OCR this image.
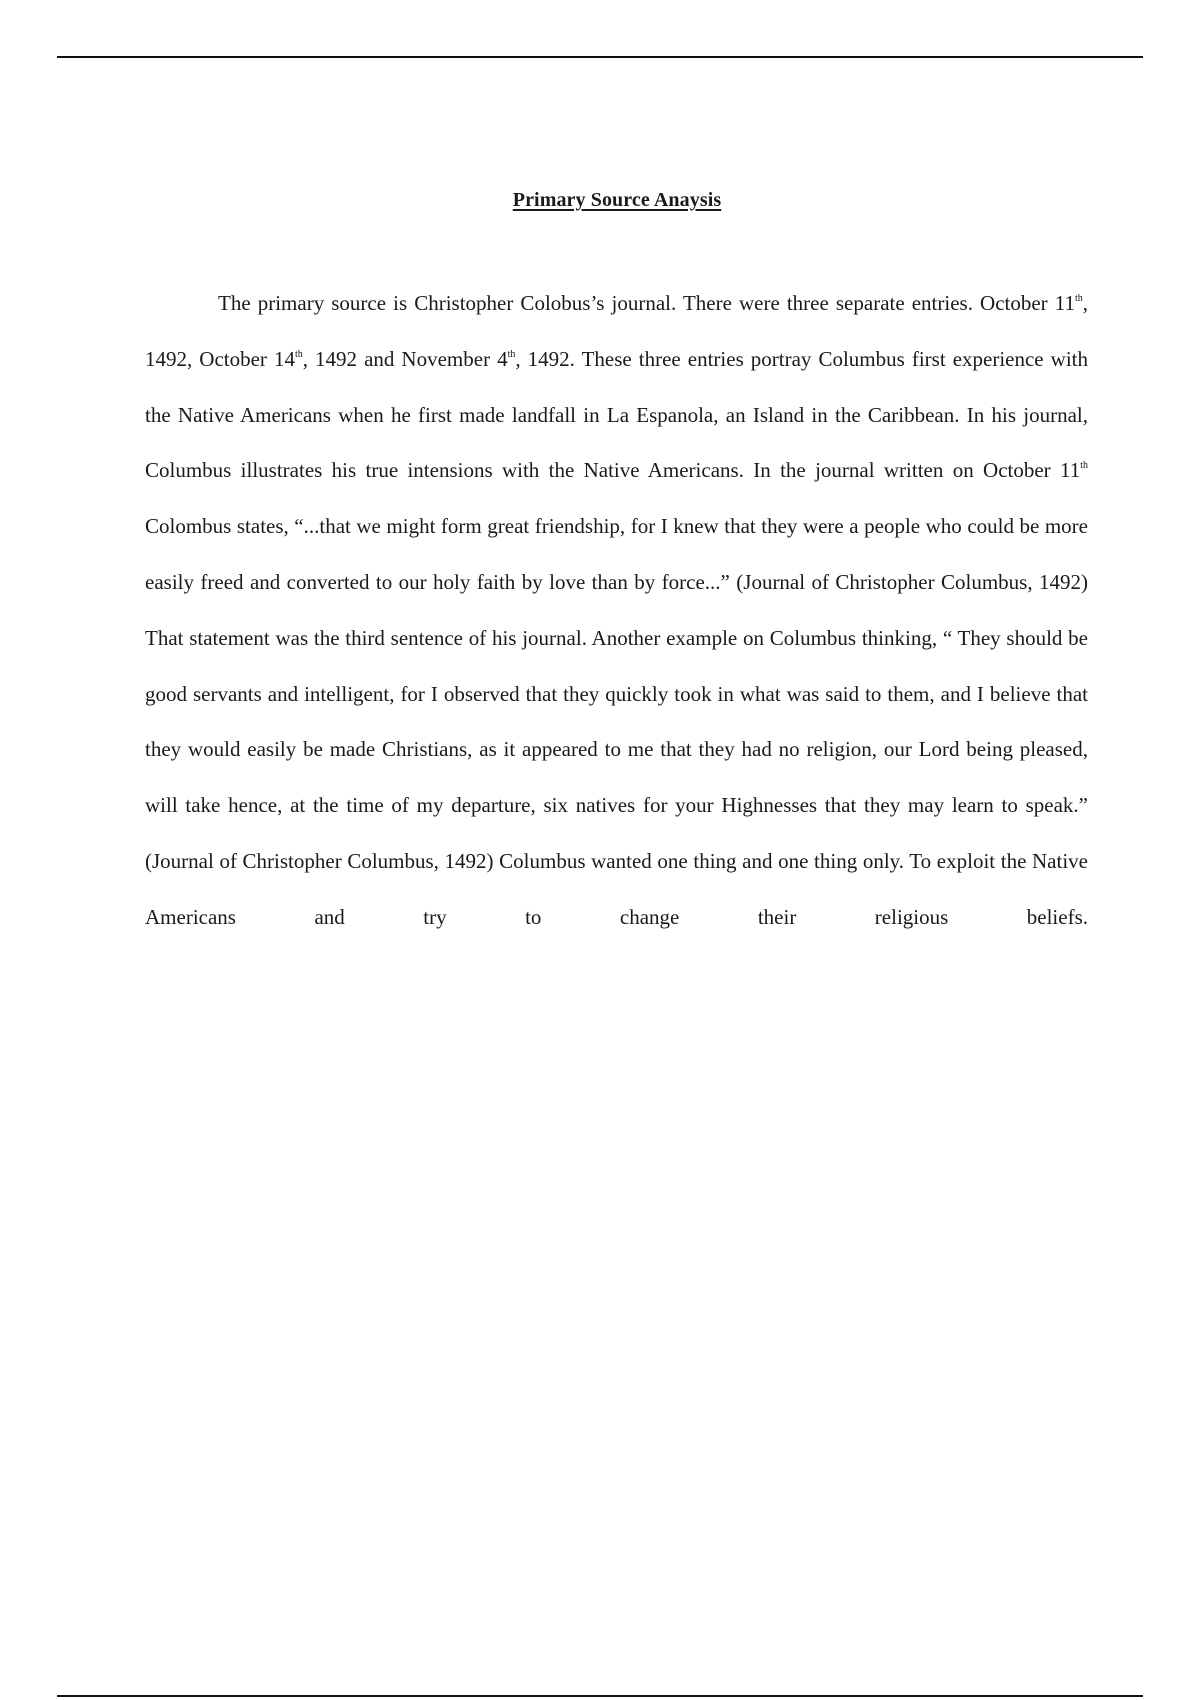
Primary Source Anaysis

The primary source is Christopher Colobus’s journal. There were three separate entries. October 11th, 1492, October 14th, 1492 and November 4th, 1492. These three entries portray Columbus first experience with the Native Americans when he first made landfall in La Espanola, an Island in the Caribbean. In his journal, Columbus illustrates his true intensions with the Native Americans. In the journal written on October 11th Colombus states, “...that we might form great friendship, for I knew that they were a people who could be more easily freed and converted to our holy faith by love than by force...” (Journal of Christopher Columbus, 1492) That statement was the third sentence of his journal. Another example on Columbus thinking, “ They should be good servants and intelligent, for I observed that they quickly took in what was said to them, and I believe that they would easily be made Christians, as it appeared to me that they had no religion, our Lord being pleased, will take hence, at the time of my departure, six natives for your Highnesses that they may learn to speak.” (Journal of Christopher Columbus, 1492) Columbus wanted one thing and one thing only. To exploit the Native Americans and try to change their religious beliefs.
